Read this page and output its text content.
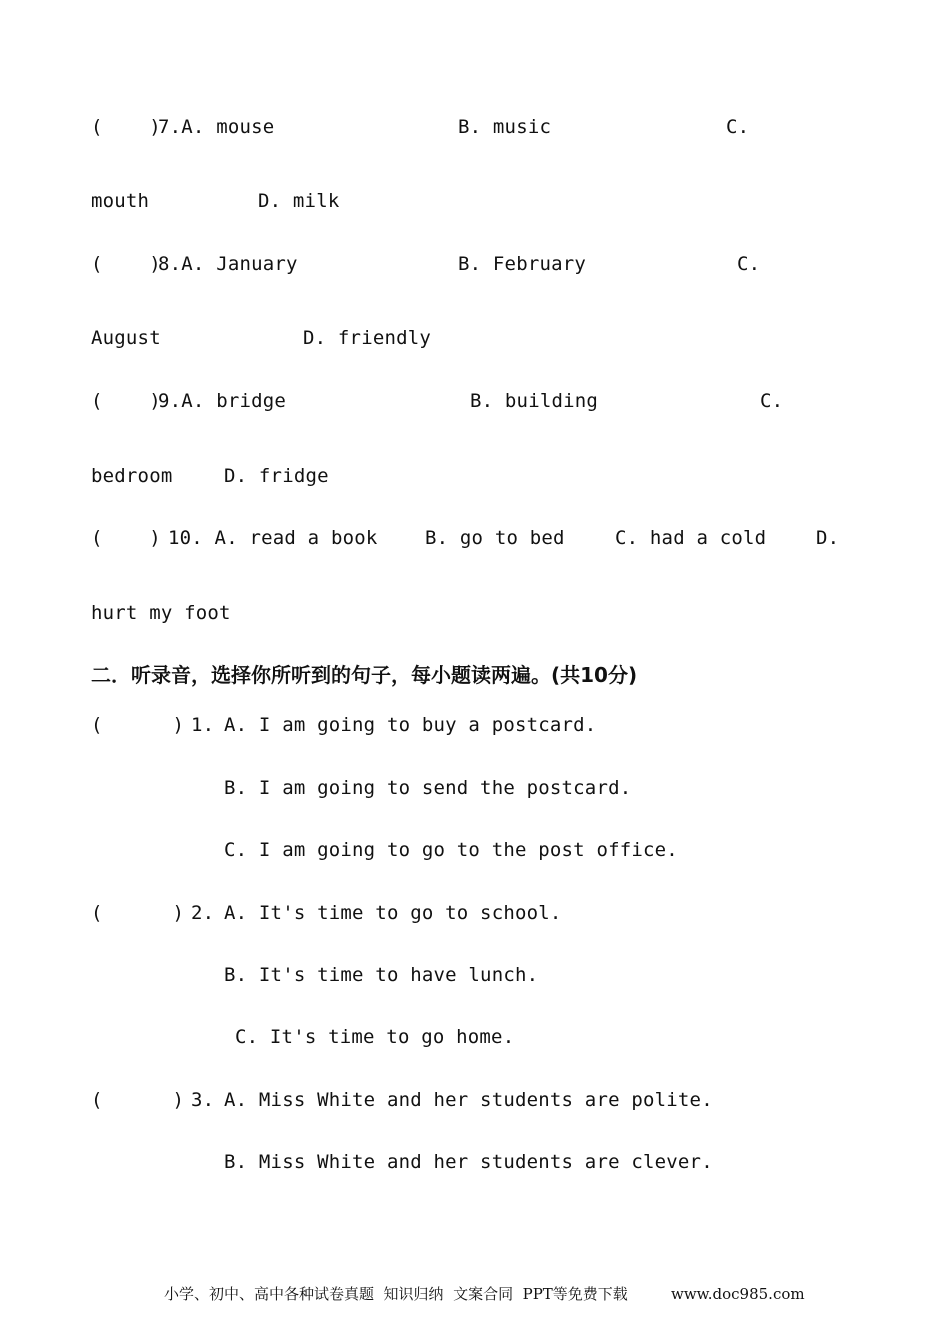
(    )
7.A. mouse	B. music	C.
mouth	D. milk
(    )
8.A. January	B. February	C.
August	D. friendly
(    )
9.A. bridge	B. building	C.
bedroom	D. fridge
(    ) 10. A. read a book B. go to bed	C. had a cold	D.
hurt my foot
二．听录音，选择你所听到的句子，每小题读两遍。(共10分)
(      ) 1. A. I am going to buy a postcard.
B. I am going to send the postcard.
C. I am going to go to the post office.
(      ) 2. A. It's time to go to school.
B. It's time to have lunch.
C. It's time to go home.
(      ) 3. A. Miss White and her students are polite.
B. Miss White and her students are clever.
小学、初中、高中各种试卷真题  知识归纳  文案合同  PPT等免费下载	www.doc985.com
